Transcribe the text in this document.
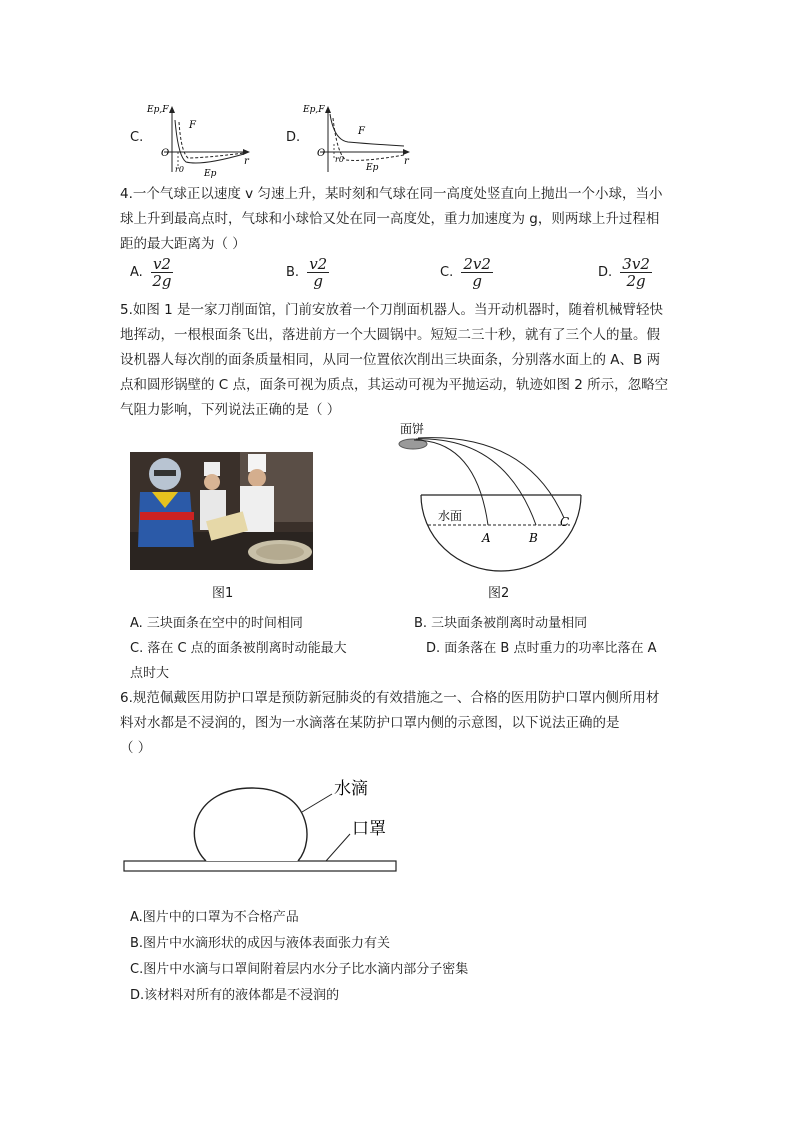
C.
Ep,F
O
r
r0
F
Ep
D.
Ep,F
O
r
r0
F
Ep
4.一个气球正以速度 v 匀速上升，某时刻和气球在同一高度处竖直向上抛出一个小球，当小
球上升到最高点时，气球和小球恰又处在同一高度处，重力加速度为 g，则两球上升过程相
距的最大距离为（ ）
A. $\frac{v2}{2g}$	B. $\frac{v2}{g}$	C. $\frac{2v2}{g}$	D. $\frac{3v2}{2g}$
5.如图 1 是一家刀削面馆，门前安放着一个刀削面机器人。当开动机器时，随着机械臂轻快
地挥动，一根根面条飞出，落进前方一个大圆锅中。短短二三十秒，就有了三个人的量。假
设机器人每次削的面条质量相同，从同一位置依次削出三块面条，分别落水面上的 A、B 两
点和圆形锅壁的 C 点，面条可视为质点，其运动可视为平抛运动，轨迹如图 2 所示，忽略空
气阻力影响，下列说法正确的是（ ）
图1
面饼
水面
A	B
C
图2
A. 三块面条在空中的时间相同	B. 三块面条被削离时动量相同
C. 落在 C 点的面条被削离时动能最大	D. 面条落在 B 点时重力的功率比落在 A
点时大
6.规范佩戴医用防护口罩是预防新冠肺炎的有效措施之一、合格的医用防护口罩内侧所用材
料对水都是不浸润的，图为一水滴落在某防护口罩内侧的示意图，以下说法正确的是
（ ）
水滴
口罩
A.图片中的口罩为不合格产品
B.图片中水滴形状的成因与液体表面张力有关
C.图片中水滴与口罩间附着层内水分子比水滴内部分子密集
D.该材料对所有的液体都是不浸润的
